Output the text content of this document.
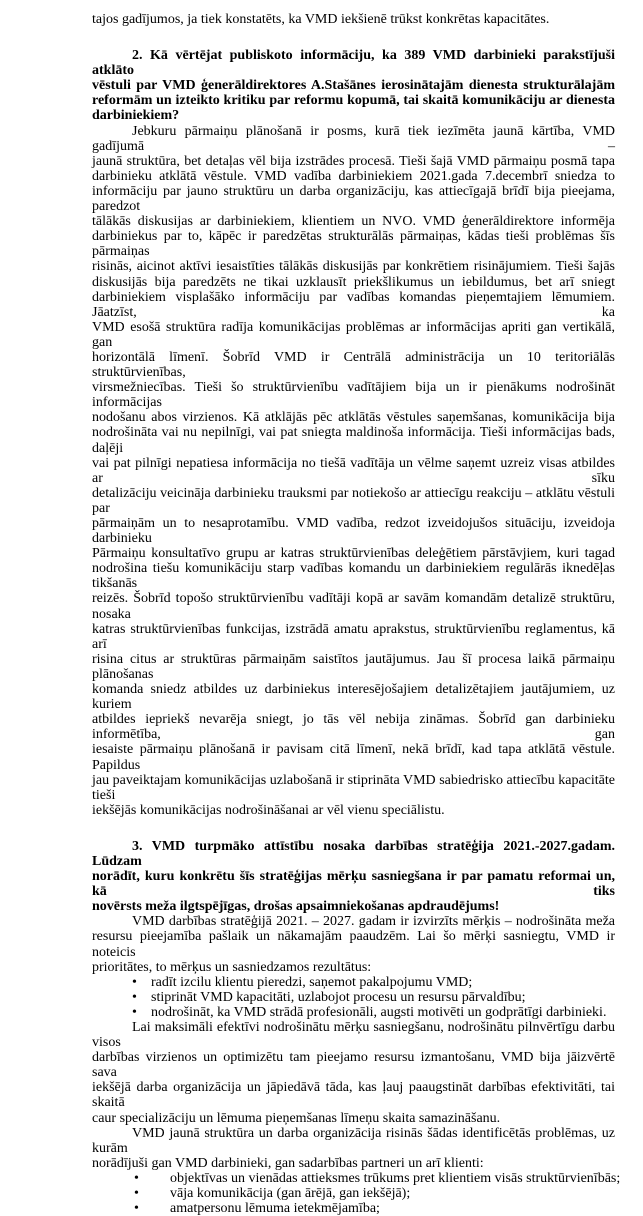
tajos gadījumos, ja tiek konstatēts, ka VMD iekšienē trūkst konkrētas kapacitātes.
2. Kā vērtējat publiskoto informāciju, ka 389 VMD darbinieki parakstījuši atklāto
vēstuli par VMD ģenerāldirektores A.Stašānes ierosinātajām dienesta strukturālajām
reformām un izteikto kritiku par reformu kopumā, tai skaitā komunikāciju ar dienesta
darbiniekiem?
Jebkuru pārmaiņu plānošanā ir posms, kurā tiek iezīmēta jaunā kārtība, VMD gadījumā –
jaunā struktūra, bet detaļas vēl bija izstrādes procesā. Tieši šajā VMD pārmaiņu posmā tapa
darbinieku atklātā vēstule. VMD vadība darbiniekiem 2021.gada 7.decembrī sniedza to
informāciju par jauno struktūru un darba organizāciju, kas attiecīgajā brīdī bija pieejama, paredzot
tālākās diskusijas ar darbiniekiem, klientiem un NVO. VMD ģenerāldirektore informēja
darbiniekus par to, kāpēc ir paredzētas strukturālās pārmaiņas, kādas tieši problēmas šīs pārmaiņas
risinās, aicinot aktīvi iesaistīties tālākās diskusijās par konkrētiem risinājumiem. Tieši šajās
diskusijās bija paredzēts ne tikai uzklausīt priekšlikumus un iebildumus, bet arī sniegt
darbiniekiem visplašāko informāciju par vadības komandas pieņemtajiem lēmumiem. Jāatzīst, ka
VMD esošā struktūra radīja komunikācijas problēmas ar informācijas apriti gan vertikālā, gan
horizontālā līmenī. Šobrīd VMD ir Centrālā administrācija un 10 teritoriālās struktūrvienības,
virsmežniecības. Tieši šo struktūrvienību vadītājiem bija un ir pienākums nodrošināt informācijas
nodošanu abos virzienos. Kā atklājās pēc atklātās vēstules saņemšanas, komunikācija bija
nodrošināta vai nu nepilnīgi, vai pat sniegta maldinoša informācija. Tieši informācijas bads, daļēji
vai pat pilnīgi nepatiesa informācija no tiešā vadītāja un vēlme saņemt uzreiz visas atbildes ar sīku
detalizāciju veicināja darbinieku trauksmi par notiekošo ar attiecīgu reakciju – atklātu vēstuli par
pārmaiņām un to nesaprotamību. VMD vadība, redzot izveidojušos situāciju, izveidoja darbinieku
Pārmaiņu konsultatīvo grupu ar katras struktūrvienības deleģētiem pārstāvjiem, kuri tagad
nodrošina tiešu komunikāciju starp vadības komandu un darbiniekiem regulārās iknedēļas tikšanās
reizēs. Šobrīd topošo struktūrvienību vadītāji kopā ar savām komandām detalizē struktūru, nosaka
katras struktūrvienības funkcijas, izstrādā amatu aprakstus, struktūrvienību reglamentus, kā arī
risina citus ar struktūras pārmaiņām saistītos jautājumus. Jau šī procesa laikā pārmaiņu plānošanas
komanda sniedz atbildes uz darbiniekus interesējošajiem detalizētajiem jautājumiem, uz kuriem
atbildes iepriekš nevarēja sniegt, jo tās vēl nebija zināmas. Šobrīd gan darbinieku informētība, gan
iesaiste pārmaiņu plānošanā ir pavisam citā līmenī, nekā brīdī, kad tapa atklātā vēstule. Papildus
jau paveiktajam komunikācijas uzlabošanā ir stiprināta VMD sabiedrisko attiecību kapacitāte tieši
iekšējās komunikācijas nodrošināšanai ar vēl vienu speciālistu.
3. VMD turpmāko attīstību nosaka darbības stratēģija 2021.-2027.gadam. Lūdzam
norādīt, kuru konkrētu šīs stratēģijas mērķu sasniegšana ir par pamatu reformai un, kā tiks
novērsts meža ilgtspējīgas, drošas apsaimniekošanas apdraudējums!
VMD darbības stratēģijā 2021. – 2027. gadam ir izvirzīts mērķis – nodrošināta meža
resursu pieejamība pašlaik un nākamajām paaudzēm. Lai šo mērķi sasniegtu, VMD ir noteicis
prioritātes, to mērķus un sasniedzamos rezultātus:
• radīt izcilu klientu pieredzi, saņemot pakalpojumu VMD;
• stiprināt VMD kapacitāti, uzlabojot procesu un resursu pārvaldību;
• nodrošināt, ka VMD strādā profesionāli, augsti motivēti un godprātīgi darbinieki.
Lai maksimāli efektīvi nodrošinātu mērķu sasniegšanu, nodrošinātu pilnvērtīgu darbu visos
darbības virzienos un optimizētu tam pieejamo resursu izmantošanu, VMD bija jāizvērtē sava
iekšējā darba organizācija un jāpiedāvā tāda, kas ļauj paaugstināt darbības efektivitāti, tai skaitā
caur specializāciju un lēmuma pieņemšanas līmeņu skaita samazināšanu.
VMD jaunā struktūra un darba organizācija risinās šādas identificētās problēmas, uz kurām
norādījuši gan VMD darbinieki, gan sadarbības partneri un arī klienti:
• objektīvas un vienādas attieksmes trūkums pret klientiem visās struktūrvienībās;
• vāja komunikācija (gan ārējā, gan iekšējā);
• amatpersonu lēmuma ietekmējamība;
